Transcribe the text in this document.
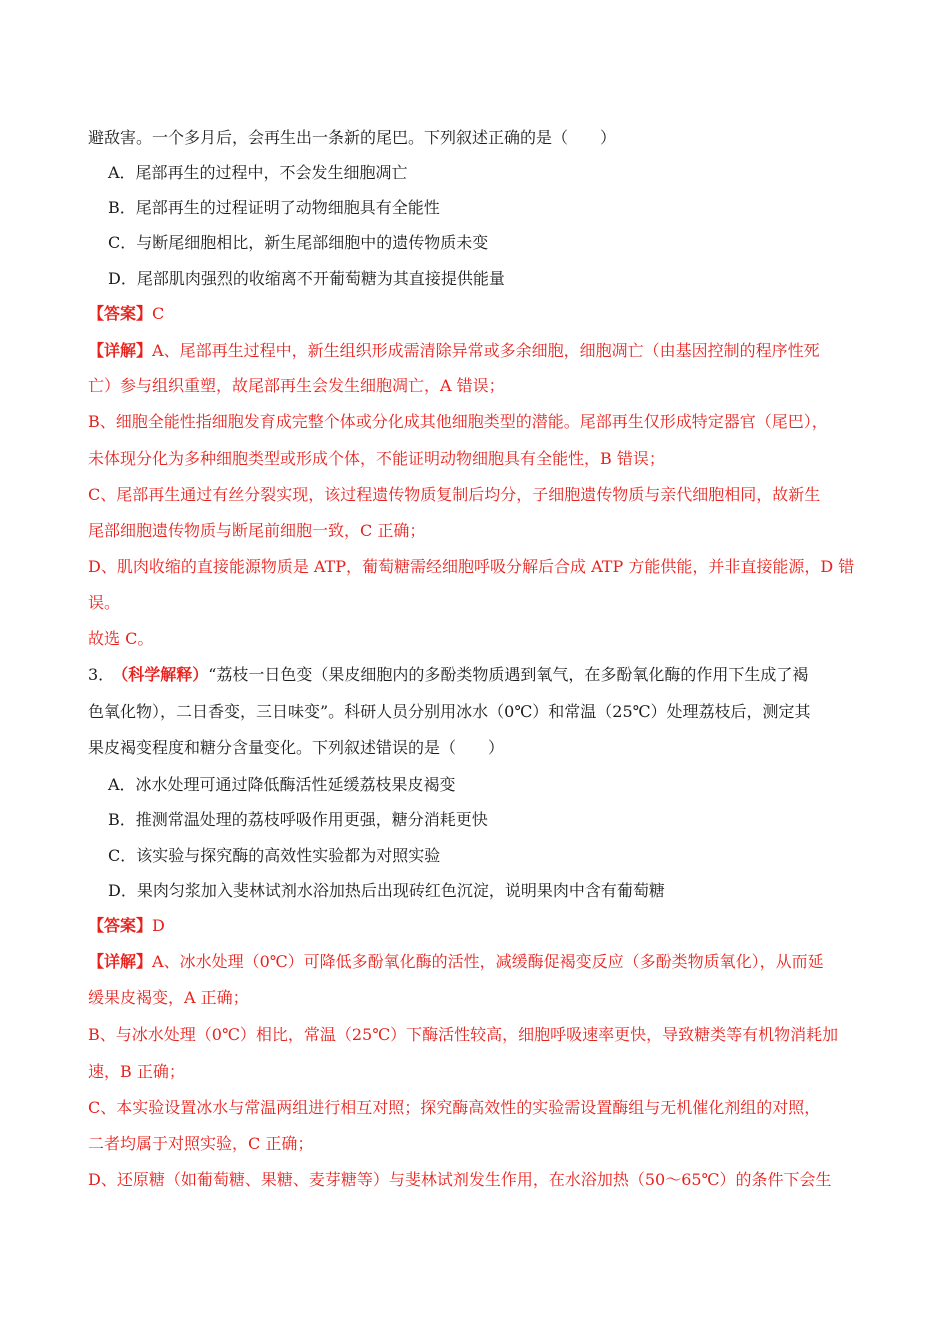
避敌害。一个多月后，会再生出一条新的尾巴。下列叙述正确的是（　　）
A．尾部再生的过程中，不会发生细胞凋亡
B．尾部再生的过程证明了动物细胞具有全能性
C．与断尾细胞相比，新生尾部细胞中的遗传物质未变
D．尾部肌肉强烈的收缩离不开葡萄糖为其直接提供能量
【答案】C
【详解】A、尾部再生过程中，新生组织形成需清除异常或多余细胞，细胞凋亡（由基因控制的程序性死
亡）参与组织重塑，故尾部再生会发生细胞凋亡，A 错误；
B、细胞全能性指细胞发育成完整个体或分化成其他细胞类型的潜能。尾部再生仅形成特定器官（尾巴），
未体现分化为多种细胞类型或形成个体，不能证明动物细胞具有全能性，B 错误；
C、尾部再生通过有丝分裂实现，该过程遗传物质复制后均分，子细胞遗传物质与亲代细胞相同，故新生
尾部细胞遗传物质与断尾前细胞一致，C 正确；
D、肌肉收缩的直接能源物质是 ATP，葡萄糖需经细胞呼吸分解后合成 ATP 方能供能，并非直接能源，D 错
误。
故选 C。
3． （科学解释）“荔枝一日色变（果皮细胞内的多酚类物质遇到氧气，在多酚氧化酶的作用下生成了褐
色氧化物），二日香变，三日味变”。科研人员分别用冰水（0℃）和常温（25℃）处理荔枝后，测定其
果皮褐变程度和糖分含量变化。下列叙述错误的是（　　）
A．冰水处理可通过降低酶活性延缓荔枝果皮褐变
B．推测常温处理的荔枝呼吸作用更强，糖分消耗更快
C．该实验与探究酶的高效性实验都为对照实验
D．果肉匀浆加入斐林试剂水浴加热后出现砖红色沉淀，说明果肉中含有葡萄糖
【答案】D
【详解】A、冰水处理（0℃）可降低多酚氧化酶的活性，减缓酶促褐变反应（多酚类物质氧化），从而延
缓果皮褐变，A 正确；
B、与冰水处理（0℃）相比，常温（25℃）下酶活性较高，细胞呼吸速率更快，导致糖类等有机物消耗加
速，B 正确；
C、本实验设置冰水与常温两组进行相互对照；探究酶高效性的实验需设置酶组与无机催化剂组的对照，
二者均属于对照实验，C 正确；
D、还原糖（如葡萄糖、果糖、麦芽糖等）与斐林试剂发生作用，在水浴加热（50～65℃）的条件下会生
